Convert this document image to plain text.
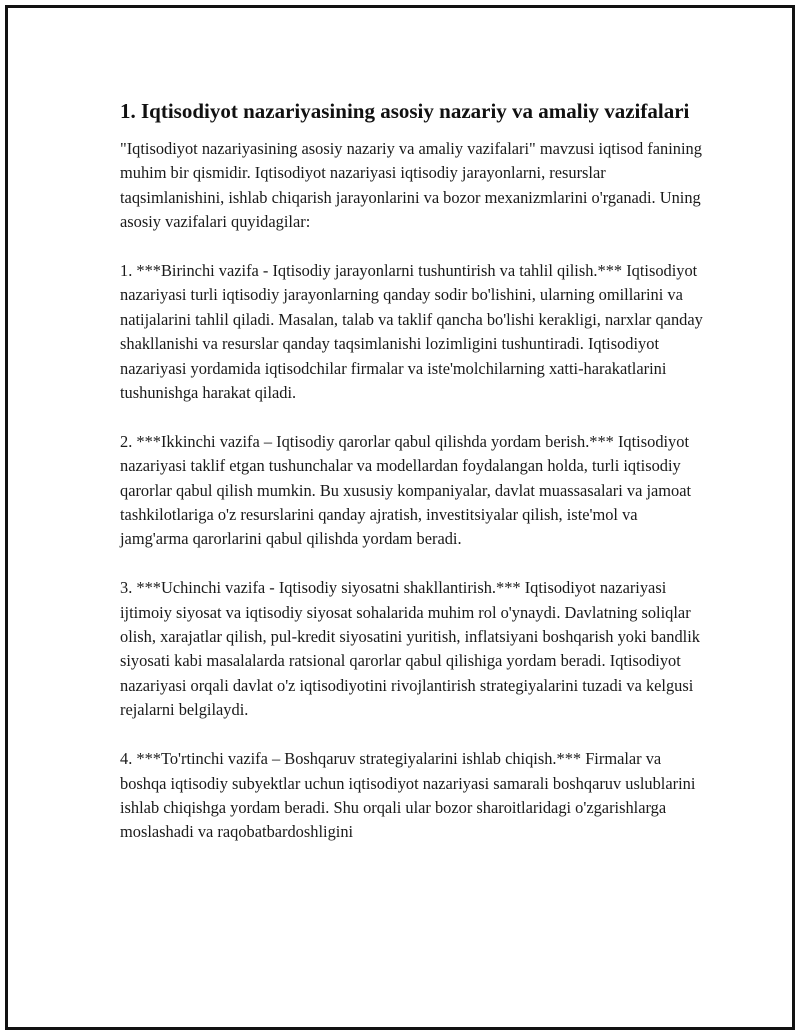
1. Iqtisodiyot nazariyasining asosiy nazariy va amaliy vazifalari

"Iqtisodiyot nazariyasining asosiy nazariy va amaliy vazifalari" mavzusi iqtisod fanining muhim bir qismidir. Iqtisodiyot nazariyasi iqtisodiy jarayonlarni, resurslar taqsimlanishini, ishlab chiqarish jarayonlarini va bozor mexanizmlarini o'rganadi. Uning asosiy vazifalari quyidagilar:

1. ***Birinchi vazifa - Iqtisodiy jarayonlarni tushuntirish va tahlil qilish.*** Iqtisodiyot nazariyasi turli iqtisodiy jarayonlarning qanday sodir bo'lishini, ularning omillarini va natijalarini tahlil qiladi. Masalan, talab va taklif qancha bo'lishi kerakligi, narxlar qanday shakllanishi va resurslar qanday taqsimlanishi lozimligini tushuntiradi. Iqtisodiyot nazariyasi yordamida iqtisodchilar firmalar va iste'molchilarning xatti-harakatlarini tushunishga harakat qiladi.

2. ***Ikkinchi vazifa – Iqtisodiy qarorlar qabul qilishda yordam berish.*** Iqtisodiyot nazariyasi taklif etgan tushunchalar va modellardan foydalangan holda, turli iqtisodiy qarorlar qabul qilish mumkin. Bu xususiy kompaniyalar, davlat muassasalari va jamoat tashkilotlariga o'z resurslarini qanday ajratish, investitsiyalar qilish, iste'mol va jamg'arma qarorlarini qabul qilishda yordam beradi.

3. ***Uchinchi vazifa - Iqtisodiy siyosatni shakllantirish.*** Iqtisodiyot nazariyasi ijtimoiy siyosat va iqtisodiy siyosat sohalarida muhim rol o'ynaydi. Davlatning soliqlar olish, xarajatlar qilish, pul-kredit siyosatini yuritish, inflatsiyani boshqarish yoki bandlik siyosati kabi masalalarda ratsional qarorlar qabul qilishiga yordam beradi. Iqtisodiyot nazariyasi orqali davlat o'z iqtisodiyotini rivojlantirish strategiyalarini tuzadi va kelgusi rejalarni belgilaydi.

4. ***To'rtinchi vazifa – Boshqaruv strategiyalarini ishlab chiqish.*** Firmalar va boshqa iqtisodiy subyektlar uchun iqtisodiyot nazariyasi samarali boshqaruv uslublarini ishlab chiqishga yordam beradi. Shu orqali ular bozor sharoitlaridagi o'zgarishlarga moslashadi va raqobatbardoshligini
